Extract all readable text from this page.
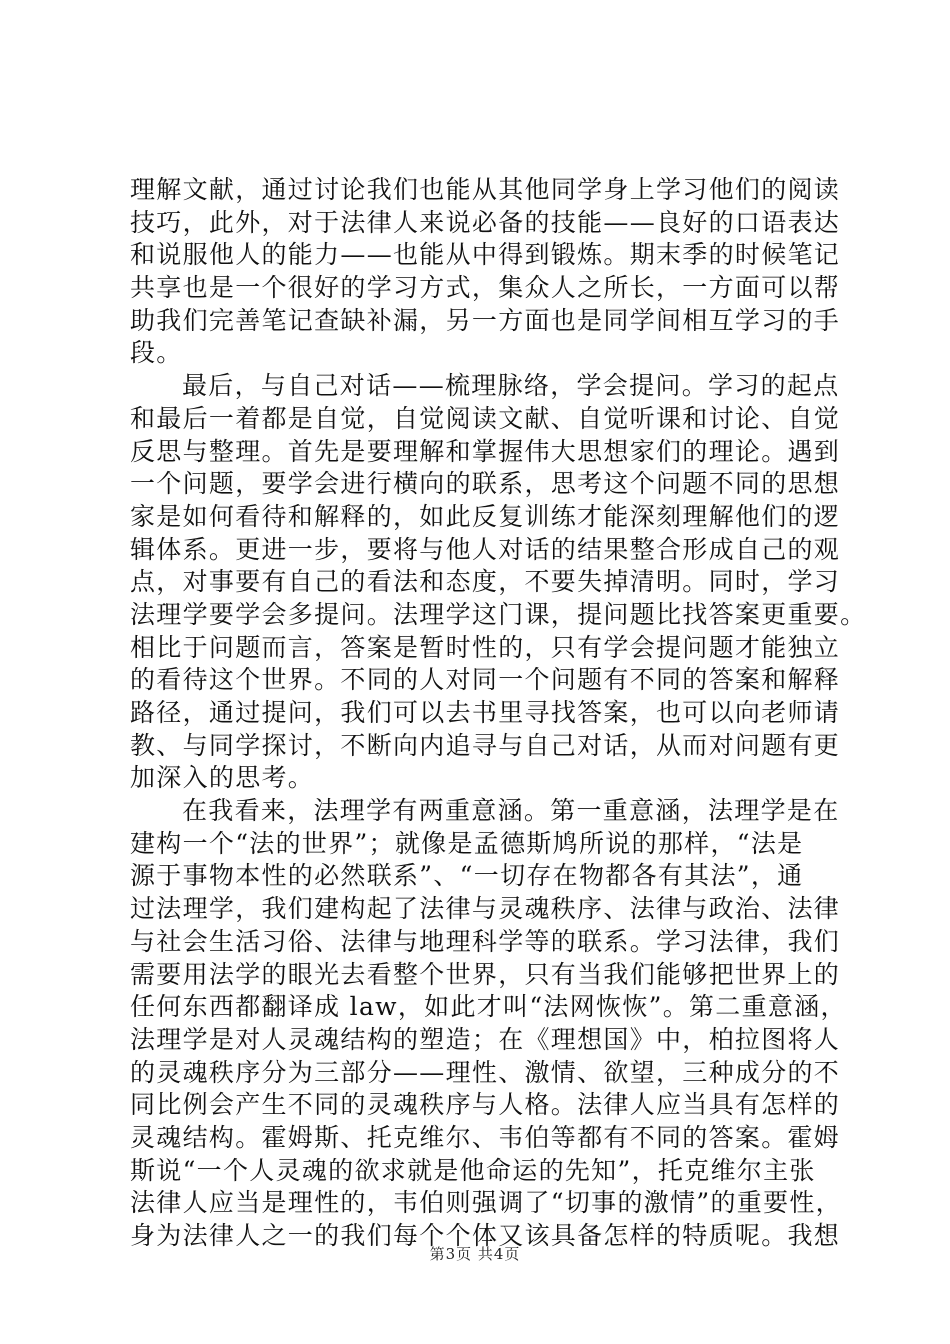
理解文献，通过讨论我们也能从其他同学身上学习他们的阅读
技巧，此外，对于法律人来说必备的技能——良好的口语表达
和说服他人的能力——也能从中得到锻炼。期末季的时候笔记
共享也是一个很好的学习方式，集众人之所长，一方面可以帮
助我们完善笔记查缺补漏，另一方面也是同学间相互学习的手
段。
最后，与自己对话——梳理脉络，学会提问。学习的起点
和最后一着都是自觉，自觉阅读文献、自觉听课和讨论、自觉
反思与整理。首先是要理解和掌握伟大思想家们的理论。遇到
一个问题，要学会进行横向的联系，思考这个问题不同的思想
家是如何看待和解释的，如此反复训练才能深刻理解他们的逻
辑体系。更进一步，要将与他人对话的结果整合形成自己的观
点，对事要有自己的看法和态度，不要失掉清明。同时，学习
法理学要学会多提问。法理学这门课，提问题比找答案更重要。
相比于问题而言，答案是暂时性的，只有学会提问题才能独立
的看待这个世界。不同的人对同一个问题有不同的答案和解释
路径，通过提问，我们可以去书里寻找答案，也可以向老师请
教、与同学探讨，不断向内追寻与自己对话，从而对问题有更
加深入的思考。
在我看来，法理学有两重意涵。第一重意涵，法理学是在
建构一个“法的世界”；就像是孟德斯鸠所说的那样，“法是
源于事物本性的必然联系”、“一切存在物都各有其法”，通
过法理学，我们建构起了法律与灵魂秩序、法律与政治、法律
与社会生活习俗、法律与地理科学等的联系。学习法律，我们
需要用法学的眼光去看整个世界，只有当我们能够把世界上的
任何东西都翻译成 law，如此才叫“法网恢恢”。第二重意涵，
法理学是对人灵魂结构的塑造；在《理想国》中，柏拉图将人
的灵魂秩序分为三部分——理性、激情、欲望，三种成分的不
同比例会产生不同的灵魂秩序与人格。法律人应当具有怎样的
灵魂结构。霍姆斯、托克维尔、韦伯等都有不同的答案。霍姆
斯说“一个人灵魂的欲求就是他命运的先知”，托克维尔主张
法律人应当是理性的，韦伯则强调了“切事的激情”的重要性，
身为法律人之一的我们每个个体又该具备怎样的特质呢。我想
第3页 共4页
